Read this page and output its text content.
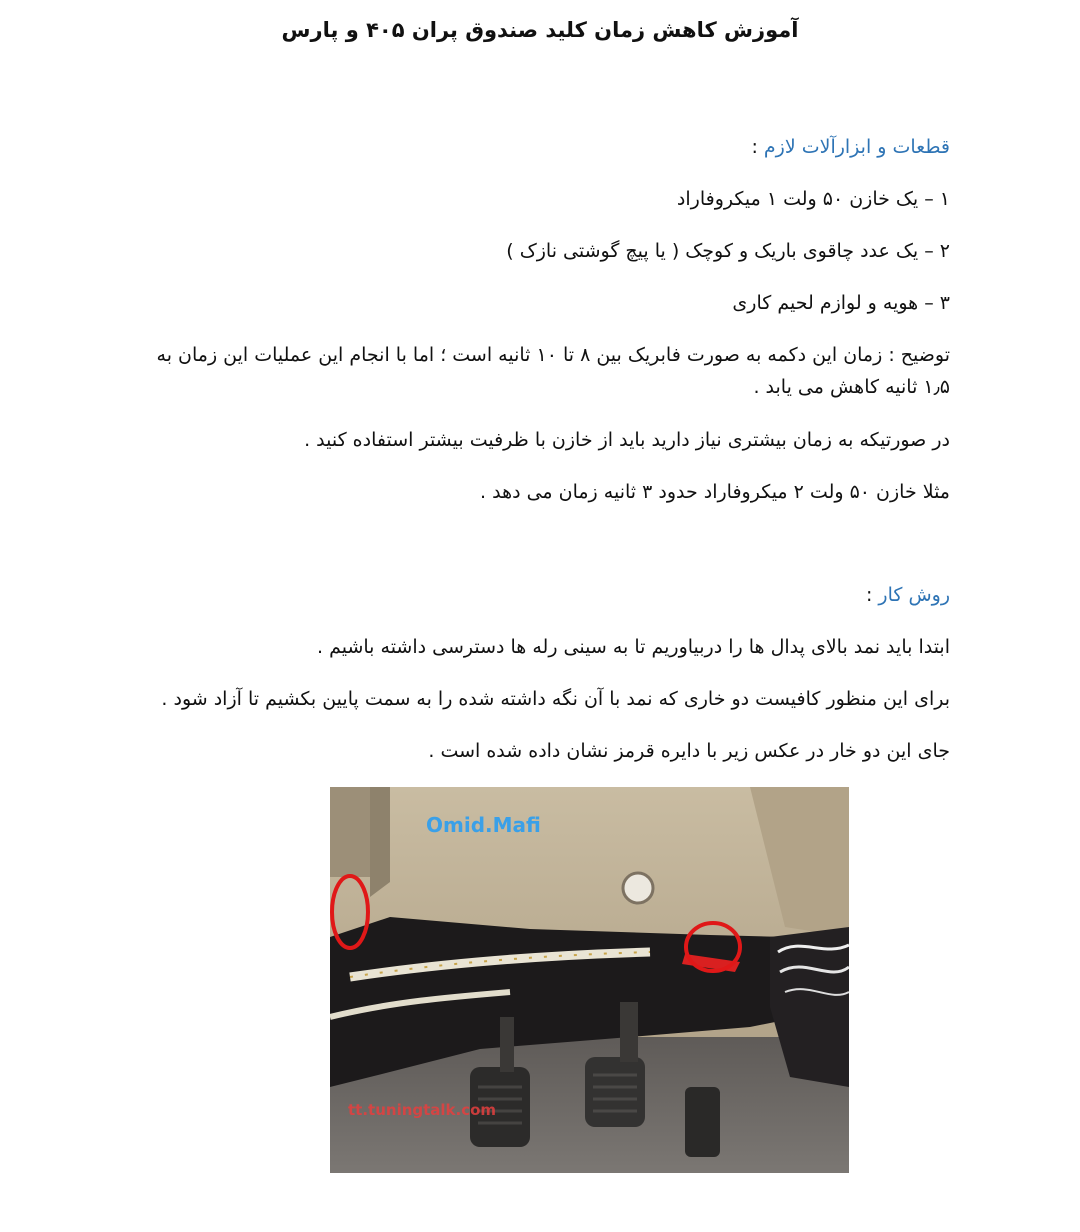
آموزش کاهش زمان کلید صندوق پران ۴۰۵ و پارس
قطعات و ابزارآلات لازم :
۱ – یک خازن ۵۰ ولت ۱ میکروفاراد
۲ – یک عدد چاقوی باریک و کوچک ( یا پیچ گوشتی نازک )
۳ – هویه و لوازم لحیم کاری
توضیح : زمان این دکمه به صورت فابریک بین ۸ تا ۱۰ ثانیه است ؛ اما با انجام این عملیات این زمان به ۱٫۵ ثانیه کاهش می یابد .
در صورتیکه به زمان بیشتری نیاز دارید باید از خازن با ظرفیت بیشتر استفاده کنید .
مثلا خازن ۵۰ ولت ۲ میکروفاراد حدود ۳ ثانیه زمان می دهد .
روش کار :
ابتدا باید نمد بالای پدال ها را دربیاوریم تا به سینی رله ها دسترسی داشته باشیم .
برای این منظور کافیست دو خاری که نمد با آن نگه داشته شده را به سمت پایین بکشیم تا آزاد شود .
جای این دو خار در عکس زیر با دایره قرمز نشان داده شده است .
Omid.Mafi
tt.tuningtalk.com
